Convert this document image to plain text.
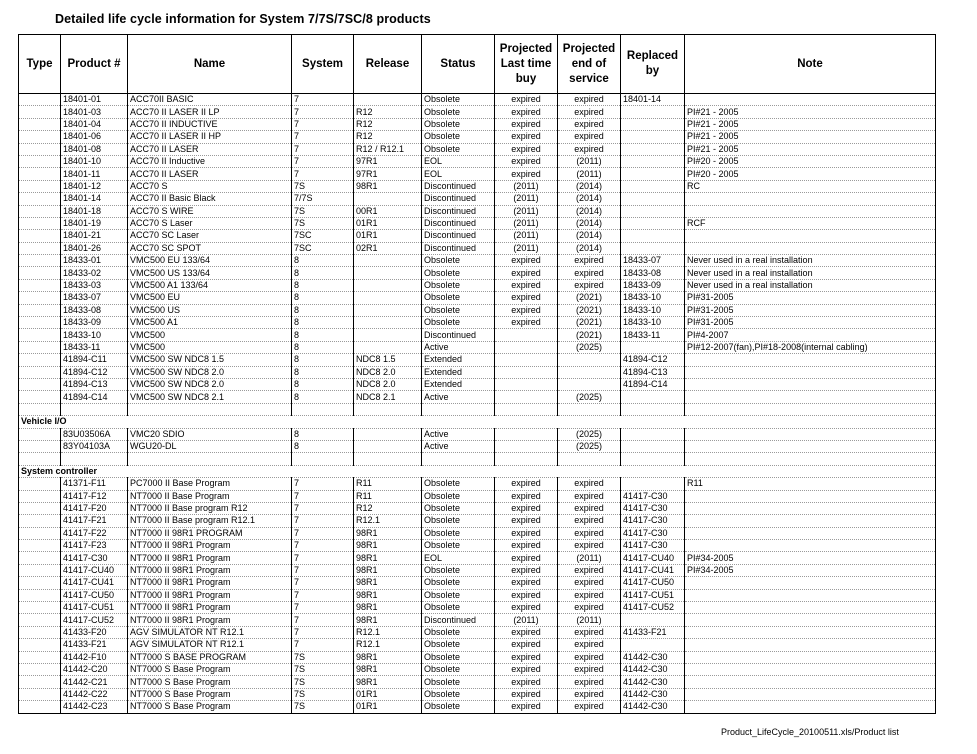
Detailed life cycle information for System 7/7S/7SC/8 products
Type	Product #	Name	System	Release	Status	Projected Last time buy	Projected end of service	Replaced by	Note
	18401-01	ACC70II BASIC	7		Obsolete	expired	expired	18401-14	
	18401-03	ACC70 II LASER II LP	7	R12	Obsolete	expired	expired		PI#21 - 2005
	18401-04	ACC70 II INDUCTIVE	7	R12	Obsolete	expired	expired		PI#21 - 2005
	18401-06	ACC70 II LASER II HP	7	R12	Obsolete	expired	expired		PI#21 - 2005
	18401-08	ACC70 II LASER	7	R12 / R12.1	Obsolete	expired	expired		PI#21 - 2005
	18401-10	ACC70 II Inductive	7	97R1	EOL	expired	(2011)		PI#20 - 2005
	18401-11	ACC70 II LASER	7	97R1	EOL	expired	(2011)		PI#20 - 2005
	18401-12	ACC70 S	7S	98R1	Discontinued	(2011)	(2014)		RC
	18401-14	ACC70 II Basic Black	7/7S		Discontinued	(2011)	(2014)		
	18401-18	ACC70 S WIRE	7S	00R1	Discontinued	(2011)	(2014)		
	18401-19	ACC70 S Laser	7S	01R1	Discontinued	(2011)	(2014)		RCF
	18401-21	ACC70 SC Laser	7SC	01R1	Discontinued	(2011)	(2014)		
	18401-26	ACC70 SC SPOT	7SC	02R1	Discontinued	(2011)	(2014)		
	18433-01	VMC500 EU 133/64	8		Obsolete	expired	expired	18433-07	Never used in a real installation
	18433-02	VMC500 US 133/64	8		Obsolete	expired	expired	18433-08	Never used in a real installation
	18433-03	VMC500 A1 133/64	8		Obsolete	expired	expired	18433-09	Never used in a real installation
	18433-07	VMC500 EU	8		Obsolete	expired	(2021)	18433-10	PI#31-2005
	18433-08	VMC500 US	8		Obsolete	expired	(2021)	18433-10	PI#31-2005
	18433-09	VMC500 A1	8		Obsolete	expired	(2021)	18433-10	PI#31-2005
	18433-10	VMC500	8		Discontinued		(2021)	18433-11	PI#4-2007
	18433-11	VMC500	8		Active		(2025)		PI#12-2007(fan),PI#18-2008(internal cabling)
	41894-C11	VMC500 SW NDC8 1.5	8	NDC8 1.5	Extended			41894-C12	
	41894-C12	VMC500 SW NDC8 2.0	8	NDC8 2.0	Extended			41894-C13	
	41894-C13	VMC500 SW NDC8 2.0	8	NDC8 2.0	Extended			41894-C14	
	41894-C14	VMC500 SW NDC8 2.1	8	NDC8 2.1	Active		(2025)		

Vehicle I/O									
	83U03506A	VMC20 SDIO	8		Active		(2025)		
	83Y04103A	WGU20-DL	8		Active		(2025)		

System controller									
	41371-F11	PC7000 II Base Program	7	R11	Obsolete	expired	expired		R11
	41417-F12	NT7000 II Base Program	7	R11	Obsolete	expired	expired	41417-C30	
	41417-F20	NT7000 II Base program R12	7	R12	Obsolete	expired	expired	41417-C30	
	41417-F21	NT7000 II Base program R12.1	7	R12.1	Obsolete	expired	expired	41417-C30	
	41417-F22	NT7000 II 98R1 PROGRAM	7	98R1	Obsolete	expired	expired	41417-C30	
	41417-F23	NT7000 II 98R1 Program	7	98R1	Obsolete	expired	expired	41417-C30	
	41417-C30	NT7000 II 98R1 Program	7	98R1	EOL	expired	(2011)	41417-CU40	PI#34-2005
	41417-CU40	NT7000 II 98R1 Program	7	98R1	Obsolete	expired	expired	41417-CU41	PI#34-2005
	41417-CU41	NT7000 II 98R1 Program	7	98R1	Obsolete	expired	expired	41417-CU50	
	41417-CU50	NT7000 II 98R1 Program	7	98R1	Obsolete	expired	expired	41417-CU51	
	41417-CU51	NT7000 II 98R1 Program	7	98R1	Obsolete	expired	expired	41417-CU52	
	41417-CU52	NT7000 II 98R1 Program	7	98R1	Discontinued	(2011)	(2011)		
	41433-F20	AGV SIMULATOR NT R12.1	7	R12.1	Obsolete	expired	expired	41433-F21	
	41433-F21	AGV SIMULATOR NT R12.1	7	R12.1	Obsolete	expired	expired		
	41442-F10	NT7000 S BASE PROGRAM	7S	98R1	Obsolete	expired	expired	41442-C30	
	41442-C20	NT7000 S Base Program	7S	98R1	Obsolete	expired	expired	41442-C30	
	41442-C21	NT7000 S Base Program	7S	98R1	Obsolete	expired	expired	41442-C30	
	41442-C22	NT7000 S Base Program	7S	01R1	Obsolete	expired	expired	41442-C30	
	41442-C23	NT7000 S Base Program	7S	01R1	Obsolete	expired	expired	41442-C30	
Product_LifeCycle_20100511.xls/Product list
